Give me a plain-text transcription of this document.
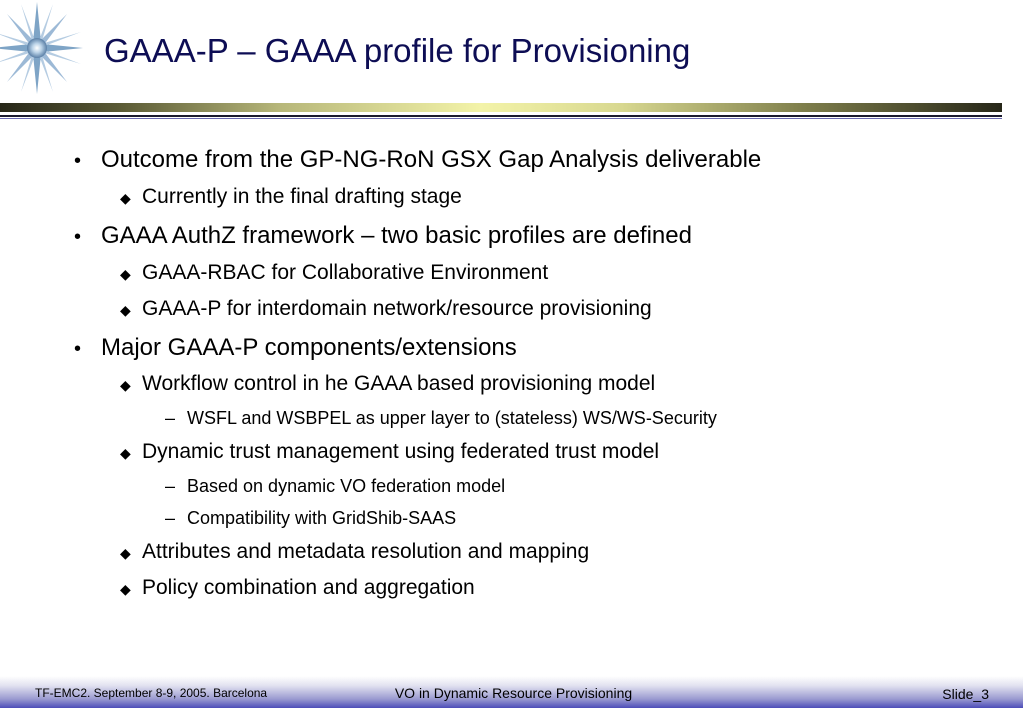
GAAA-P – GAAA profile for Provisioning
• Outcome from the GP-NG-RoN GSX Gap Analysis deliverable
◆ Currently in the final drafting stage
• GAAA AuthZ framework – two basic profiles are defined
◆ GAAA-RBAC for Collaborative Environment
◆ GAAA-P for interdomain network/resource provisioning
• Major GAAA-P components/extensions
◆ Workflow control in he GAAA based provisioning model
– WSFL and WSBPEL as upper layer to (stateless) WS/WS-Security
◆ Dynamic trust management using federated trust model
– Based on dynamic VO federation model
– Compatibility with GridShib-SAAS
◆ Attributes and metadata resolution and mapping
◆ Policy combination and aggregation
TF-EMC2. September 8-9, 2005. Barcelona	VO in Dynamic Resource Provisioning	Slide_3
